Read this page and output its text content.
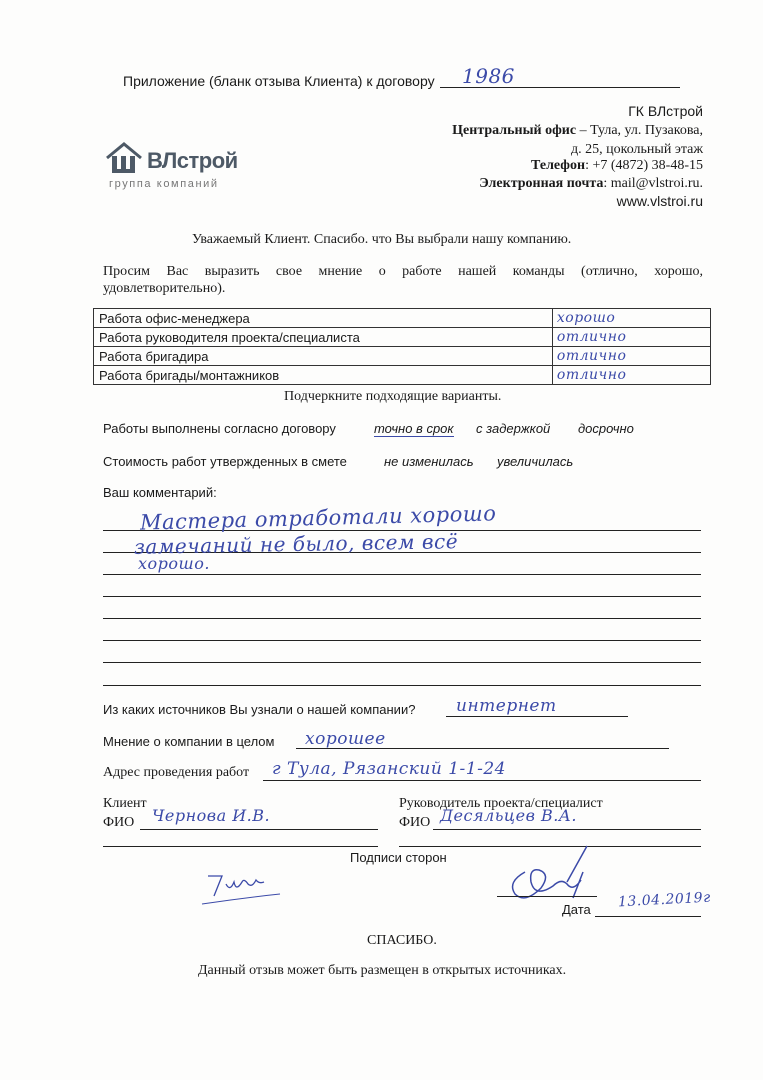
Приложение (бланк отзыва Клиента) к договору 1986
ГК ВЛстрой
Центральный офис – Тула, ул. Пузакова,
д. 25, цокольный этаж
Телефон: +7 (4872) 38-48-15
Электронная почта: mail@vlstroi.ru.
www.vlstroi.ru
ВЛстрой
группа компаний
Уважаемый Клиент. Спасибо. что Вы выбрали нашу компанию.
Просим Вас выразить свое мнение о работе нашей команды (отлично, хорошо,
удовлетворительно).
Работа офис-менеджера	хорошо
Работа руководителя проекта/специалиста	отлично
Работа бригадира	отлично
Работа бригады/монтажников	отлично
Подчеркните подходящие варианты.
Работы выполнены согласно договору	точно в срок с задержкой досрочно
Стоимость работ утвержденных в смете	не изменилась увеличилась
Ваш комментарий:
Мастера отработали хорошо
замечаний не было, всем всё
хорошо.
Из каких источников Вы узнали о нашей компании? интернет
Мнение о компании в целом хорошее
Адрес проведения работ г Тула, Рязанский 1-1-24
Клиент
ФИО Чернова И.В.
Руководитель проекта/специалист
ФИО Десяльцев В.А.
Подписи сторон
Дата 13.04.2019г
СПАСИБО.
Данный отзыв может быть размещен в открытых источниках.
